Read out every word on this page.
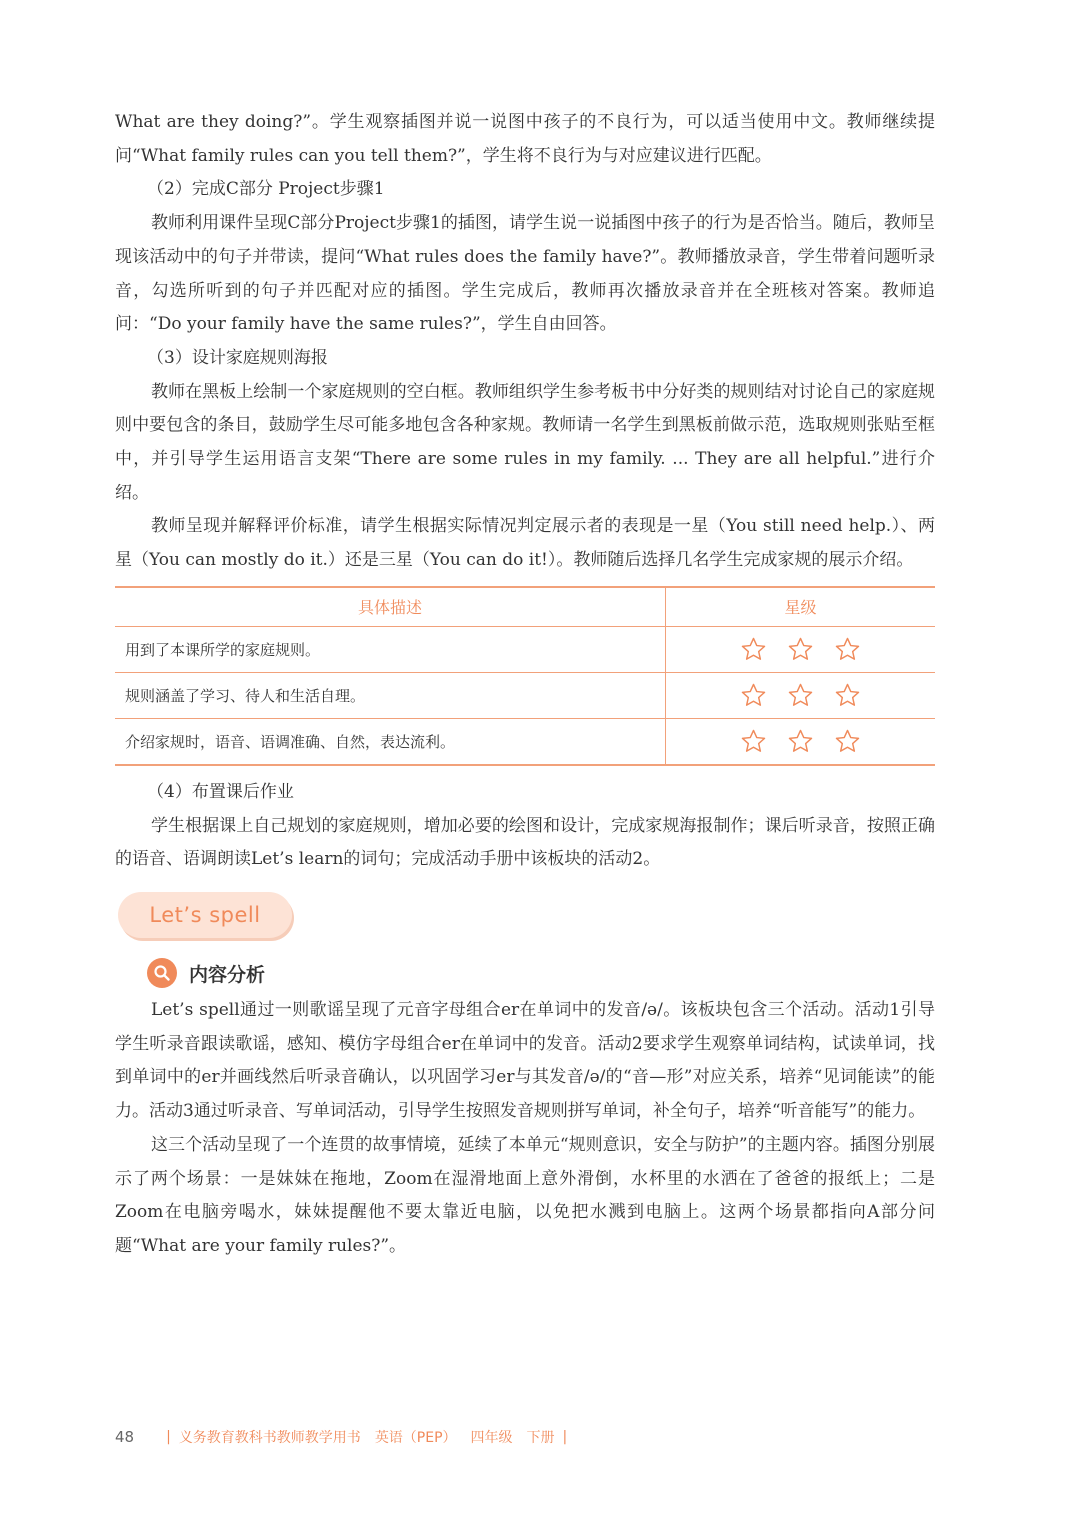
What are they doing?”。学生观察插图并说一说图中孩子的不良行为，可以适当使用中文。教师继续提问“What family rules can you tell them?”，学生将不良行为与对应建议进行匹配。

（2）完成C部分 Project步骤1

教师利用课件呈现C部分Project步骤1的插图，请学生说一说插图中孩子的行为是否恰当。随后，教师呈现该活动中的句子并带读，提问“What rules does the family have?”。教师播放录音，学生带着问题听录音，勾选所听到的句子并匹配对应的插图。学生完成后，教师再次播放录音并在全班核对答案。教师追问：“Do your family have the same rules?”，学生自由回答。

（3）设计家庭规则海报

教师在黑板上绘制一个家庭规则的空白框。教师组织学生参考板书中分好类的规则结对讨论自己的家庭规则中要包含的条目，鼓励学生尽可能多地包含各种家规。教师请一名学生到黑板前做示范，选取规则张贴至框中，并引导学生运用语言支架“There are some rules in my family. ... They are all helpful.”进行介绍。

教师呈现并解释评价标准，请学生根据实际情况判定展示者的表现是一星（You still need help.）、两星（You can mostly do it.）还是三星（You can do it!）。教师随后选择几名学生完成家规的展示介绍。

具体描述	星级
用到了本课所学的家庭规则。	
规则涵盖了学习、待人和生活自理。	
介绍家规时，语音、语调准确、自然，表达流利。	

（4）布置课后作业

学生根据课上自己规划的家庭规则，增加必要的绘图和设计，完成家规海报制作；课后听录音，按照正确的语音、语调朗读Let’s learn的词句；完成活动手册中该板块的活动2。

Let’s spell
内容分析

Let’s spell通过一则歌谣呈现了元音字母组合er在单词中的发音/ə/。该板块包含三个活动。活动1引导学生听录音跟读歌谣，感知、模仿字母组合er在单词中的发音。活动2要求学生观察单词结构，试读单词，找到单词中的er并画线然后听录音确认，以巩固学习er与其发音/ə/的“音—形”对应关系，培养“见词能读”的能力。活动3通过听录音、写单词活动，引导学生按照发音规则拼写单词，补全句子，培养“听音能写”的能力。

这三个活动呈现了一个连贯的故事情境，延续了本单元“规则意识，安全与防护”的主题内容。插图分别展示了两个场景：一是妹妹在拖地，Zoom在湿滑地面上意外滑倒，水杯里的水洒在了爸爸的报纸上；二是Zoom在电脑旁喝水，妹妹提醒他不要太靠近电脑，以免把水溅到电脑上。这两个场景都指向A部分问题“What are your family rules?”。

48 | 义务教育教科书教师教学用书 英语（PEP） 四年级 下册 |
